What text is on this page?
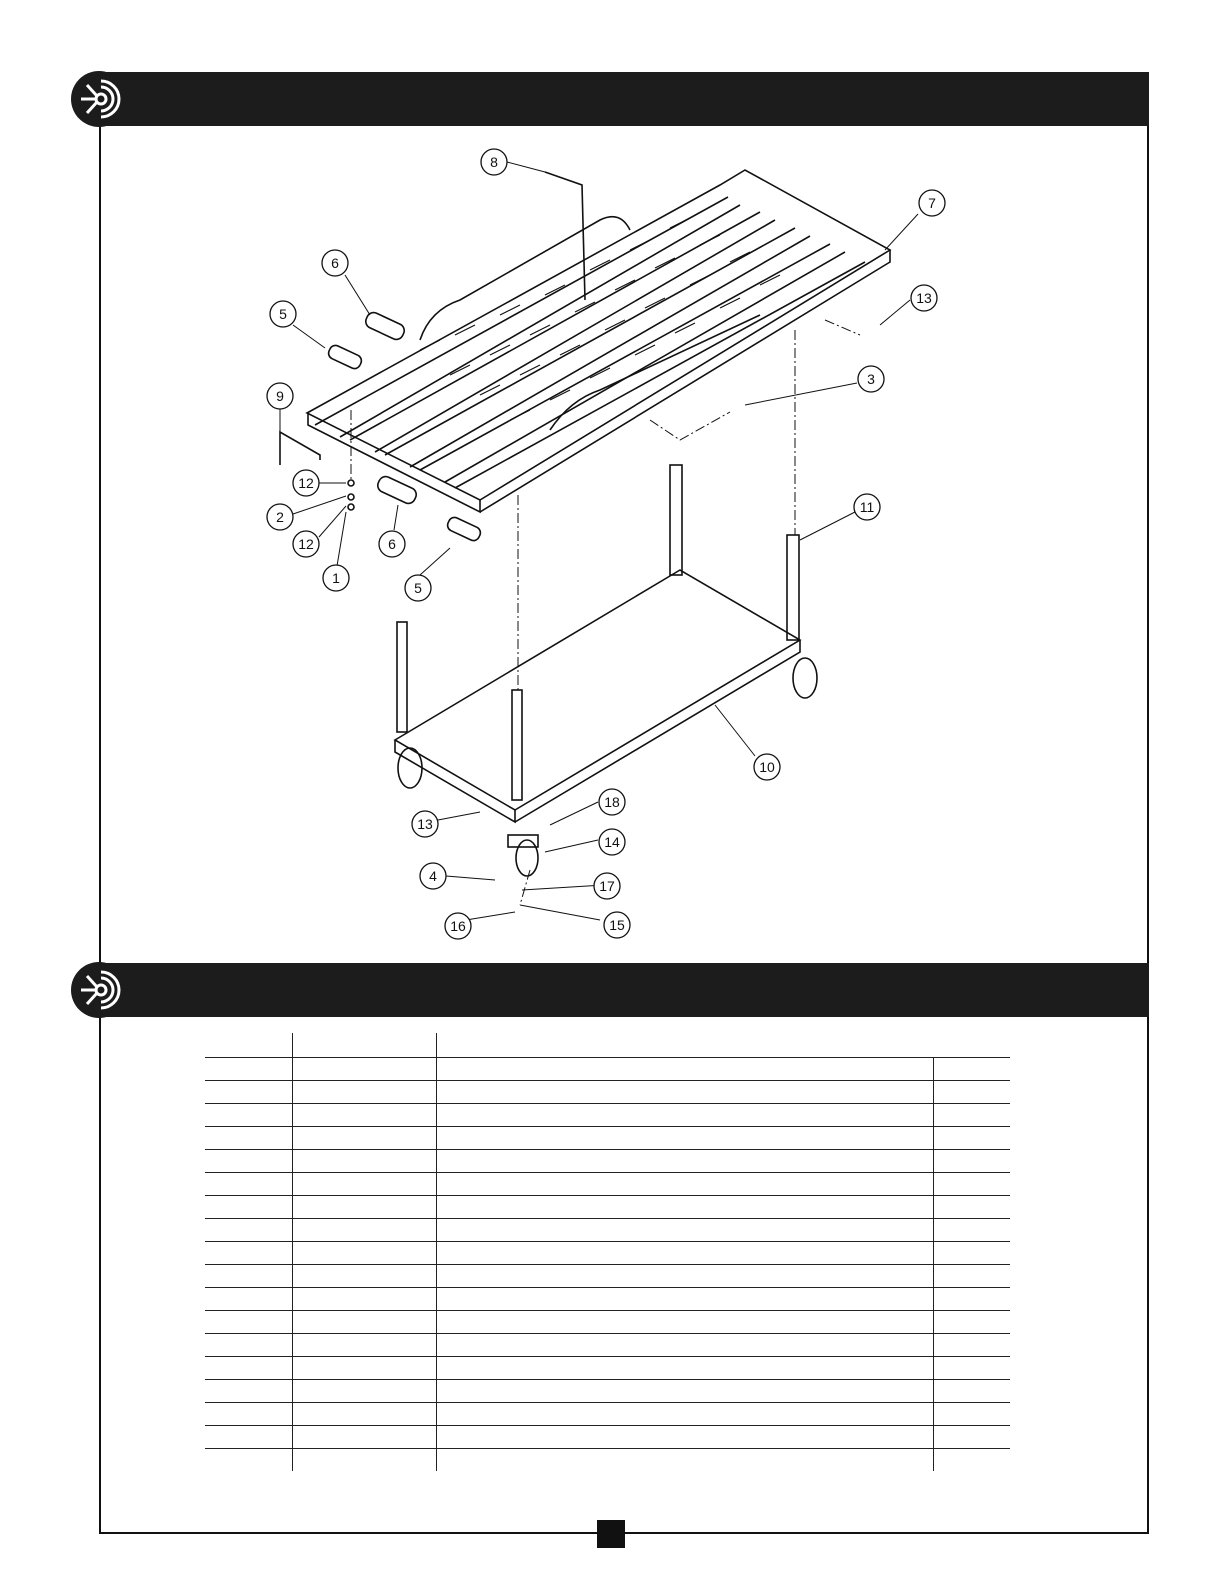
8
7
6
5
13
3
9
12
2
12
1
6
5
11
10
18
13
14
4
17
16	15
